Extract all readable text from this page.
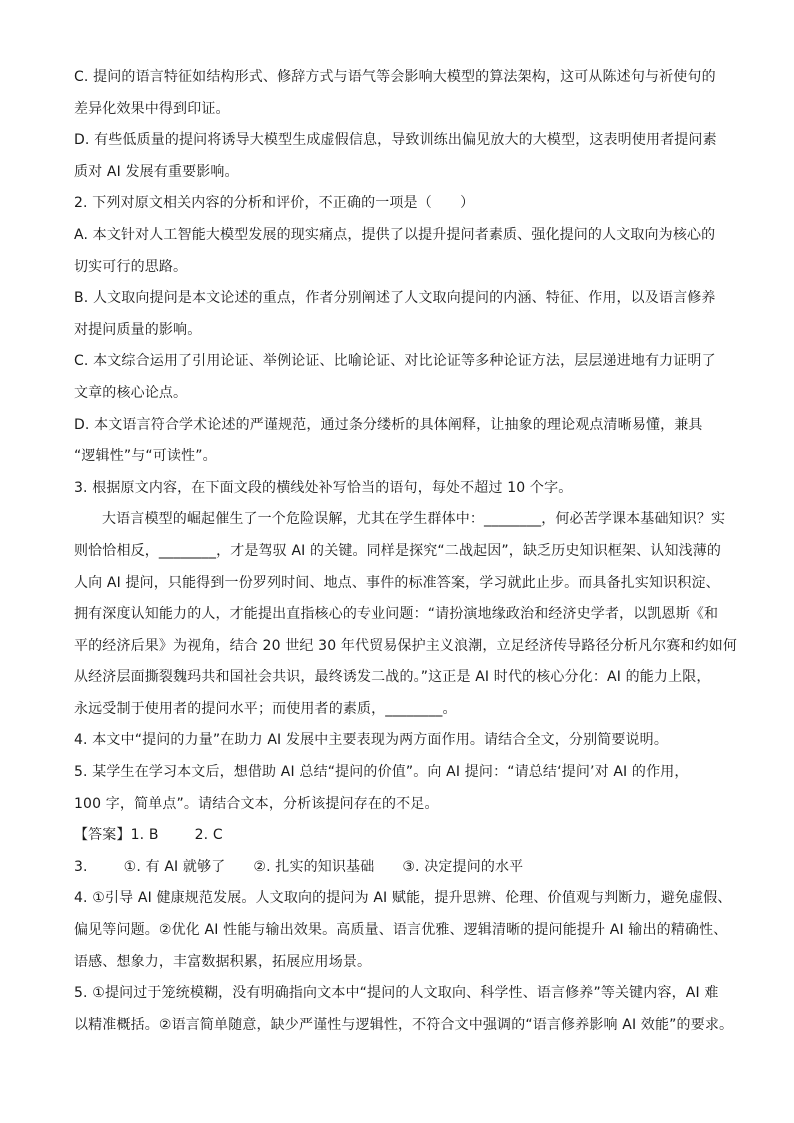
C. 提问的语言特征如结构形式、修辞方式与语气等会影响大模型的算法架构，这可从陈述句与祈使句的
差异化效果中得到印证。
D. 有些低质量的提问将诱导大模型生成虚假信息，导致训练出偏见放大的大模型，这表明使用者提问素
质对 AI 发展有重要影响。
2. 下列对原文相关内容的分析和评价，不正确的一项是（　　）
A. 本文针对人工智能大模型发展的现实痛点，提供了以提升提问者素质、强化提问的人文取向为核心的
切实可行的思路。
B. 人文取向提问是本文论述的重点，作者分别阐述了人文取向提问的内涵、特征、作用，以及语言修养
对提问质量的影响。
C. 本文综合运用了引用论证、举例论证、比喻论证、对比论证等多种论证方法，层层递进地有力证明了
文章的核心论点。
D. 本文语言符合学术论述的严谨规范，通过条分缕析的具体阐释，让抽象的理论观点清晰易懂，兼具
“逻辑性”与“可读性”。
3. 根据原文内容，在下面文段的横线处补写恰当的语句，每处不超过 10 个字。
大语言模型的崛起催生了一个危险误解，尤其在学生群体中：________，何必苦学课本基础知识？实
则恰恰相反，________，才是驾驭 AI 的关键。同样是探究“二战起因”，缺乏历史知识框架、认知浅薄的
人向 AI 提问，只能得到一份罗列时间、地点、事件的标准答案，学习就此止步。而具备扎实知识积淀、
拥有深度认知能力的人，才能提出直指核心的专业问题：“请扮演地缘政治和经济史学者，以凯恩斯《和
平的经济后果》为视角，结合 20 世纪 30 年代贸易保护主义浪潮，立足经济传导路径分析凡尔赛和约如何
从经济层面撕裂魏玛共和国社会共识，最终诱发二战的。”这正是 AI 时代的核心分化：AI 的能力上限，
永远受制于使用者的提问水平；而使用者的素质，________。
4. 本文中“提问的力量”在助力 AI 发展中主要表现为两方面作用。请结合全文，分别简要说明。
5. 某学生在学习本文后，想借助 AI 总结“提问的价值”。向 AI 提问：“请总结‘提问’对 AI 的作用，
100 字，简单点”。请结合文本，分析该提问存在的不足。
【答案】1. B	2. C
3.	①. 有 AI 就够了 ②. 扎实的知识基础 ③. 决定提问的水平
4. ①引导 AI 健康规范发展。人文取向的提问为 AI 赋能，提升思辨、伦理、价值观与判断力，避免虚假、
偏见等问题。②优化 AI 性能与输出效果。高质量、语言优雅、逻辑清晰的提问能提升 AI 输出的精确性、
语感、想象力，丰富数据积累，拓展应用场景。
5. ①提问过于笼统模糊，没有明确指向文本中“提问的人文取向、科学性、语言修养”等关键内容，AI 难
以精准概括。②语言简单随意，缺少严谨性与逻辑性，不符合文中强调的“语言修养影响 AI 效能”的要求。
